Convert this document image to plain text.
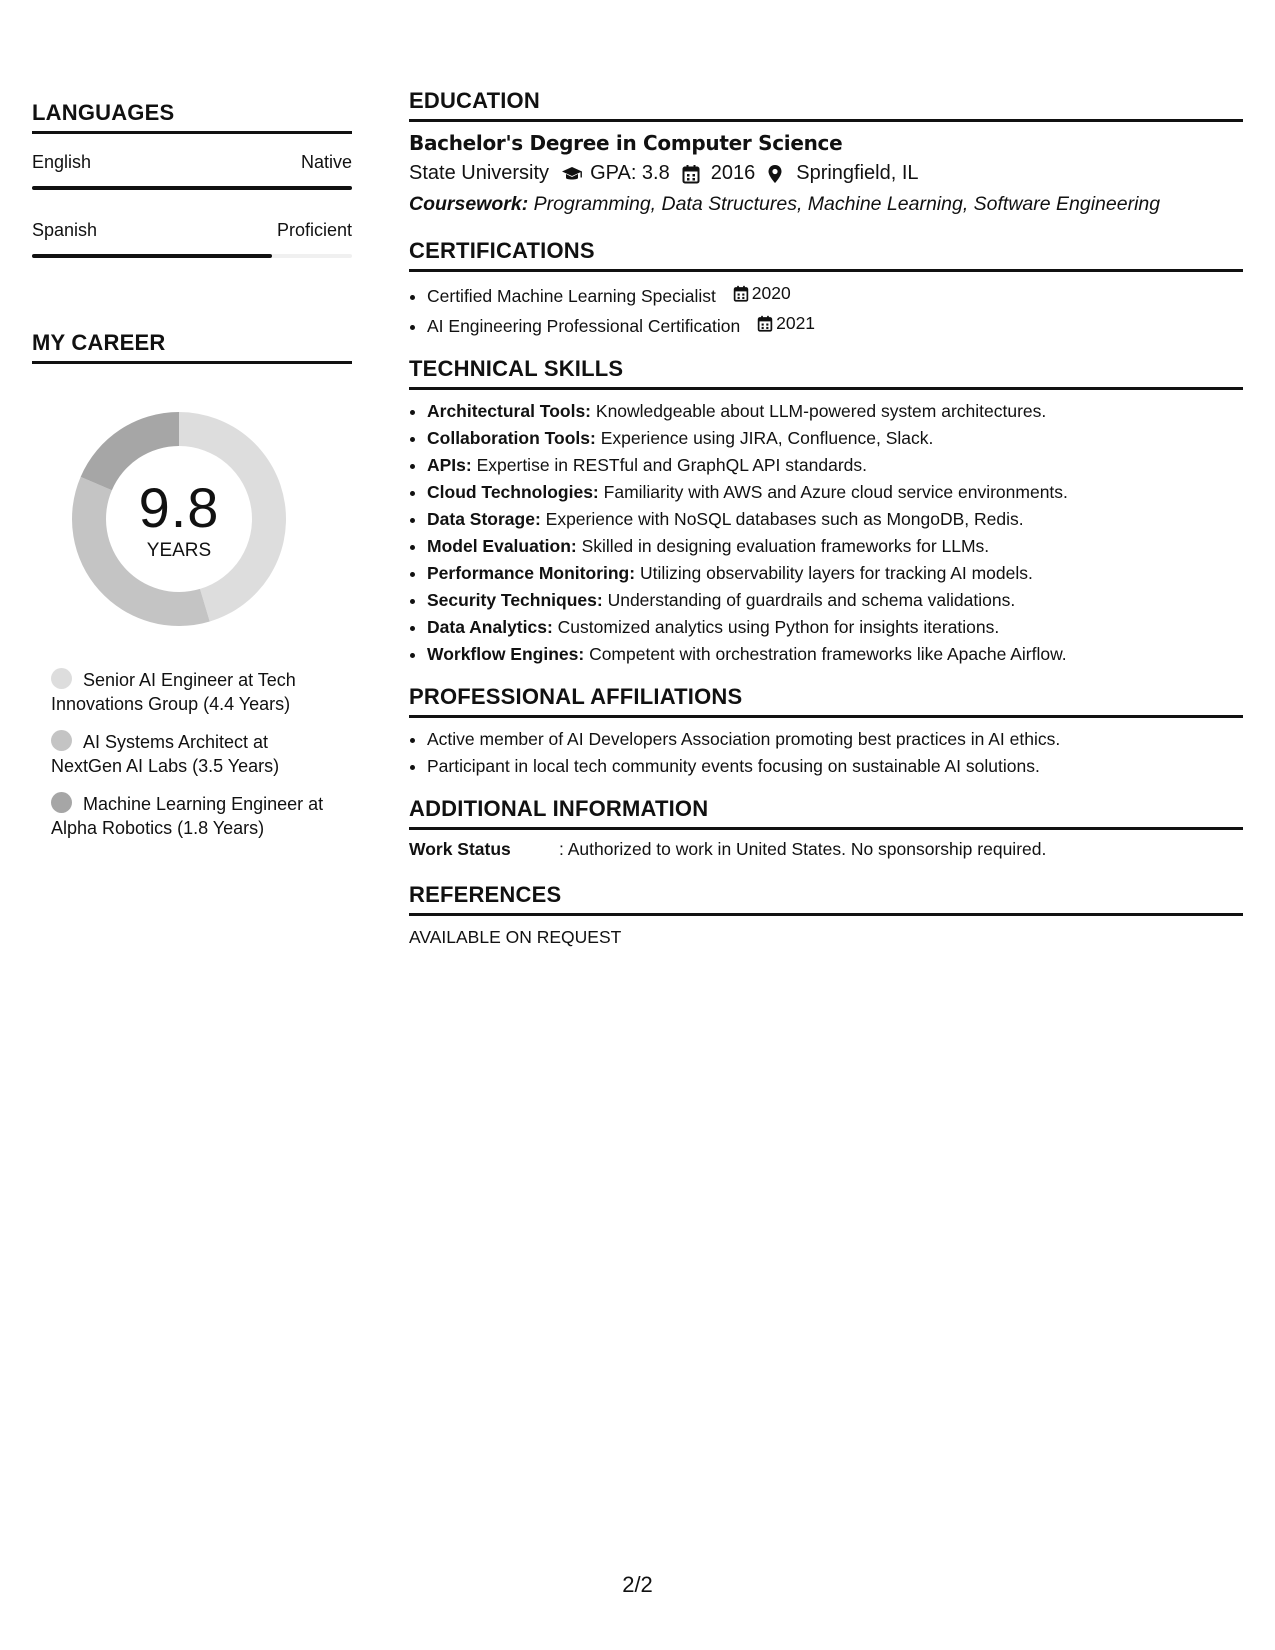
LANGUAGES
English	Native
Spanish	Proficient
MY CAREER
9.8
YEARS
Senior AI Engineer at Tech Innovations Group (4.4 Years)
AI Systems Architect at NextGen AI Labs (3.5 Years)
Machine Learning Engineer at Alpha Robotics (1.8 Years)
EDUCATION
Bachelor's Degree in Computer Science
State University GPA: 3.8 2016 Springfield, IL
Coursework: Programming, Data Structures, Machine Learning, Software Engineering
CERTIFICATIONS
• Certified Machine Learning Specialist 2020
• AI Engineering Professional Certification 2021
TECHNICAL SKILLS
• Architectural Tools: Knowledgeable about LLM-powered system architectures.
• Collaboration Tools: Experience using JIRA, Confluence, Slack.
• APIs: Expertise in RESTful and GraphQL API standards.
• Cloud Technologies: Familiarity with AWS and Azure cloud service environments.
• Data Storage: Experience with NoSQL databases such as MongoDB, Redis.
• Model Evaluation: Skilled in designing evaluation frameworks for LLMs.
• Performance Monitoring: Utilizing observability layers for tracking AI models.
• Security Techniques: Understanding of guardrails and schema validations.
• Data Analytics: Customized analytics using Python for insights iterations.
• Workflow Engines: Competent with orchestration frameworks like Apache Airflow.
PROFESSIONAL AFFILIATIONS
• Active member of AI Developers Association promoting best practices in AI ethics.
• Participant in local tech community events focusing on sustainable AI solutions.
ADDITIONAL INFORMATION
Work Status	: Authorized to work in United States. No sponsorship required.
REFERENCES
AVAILABLE ON REQUEST
2/2
